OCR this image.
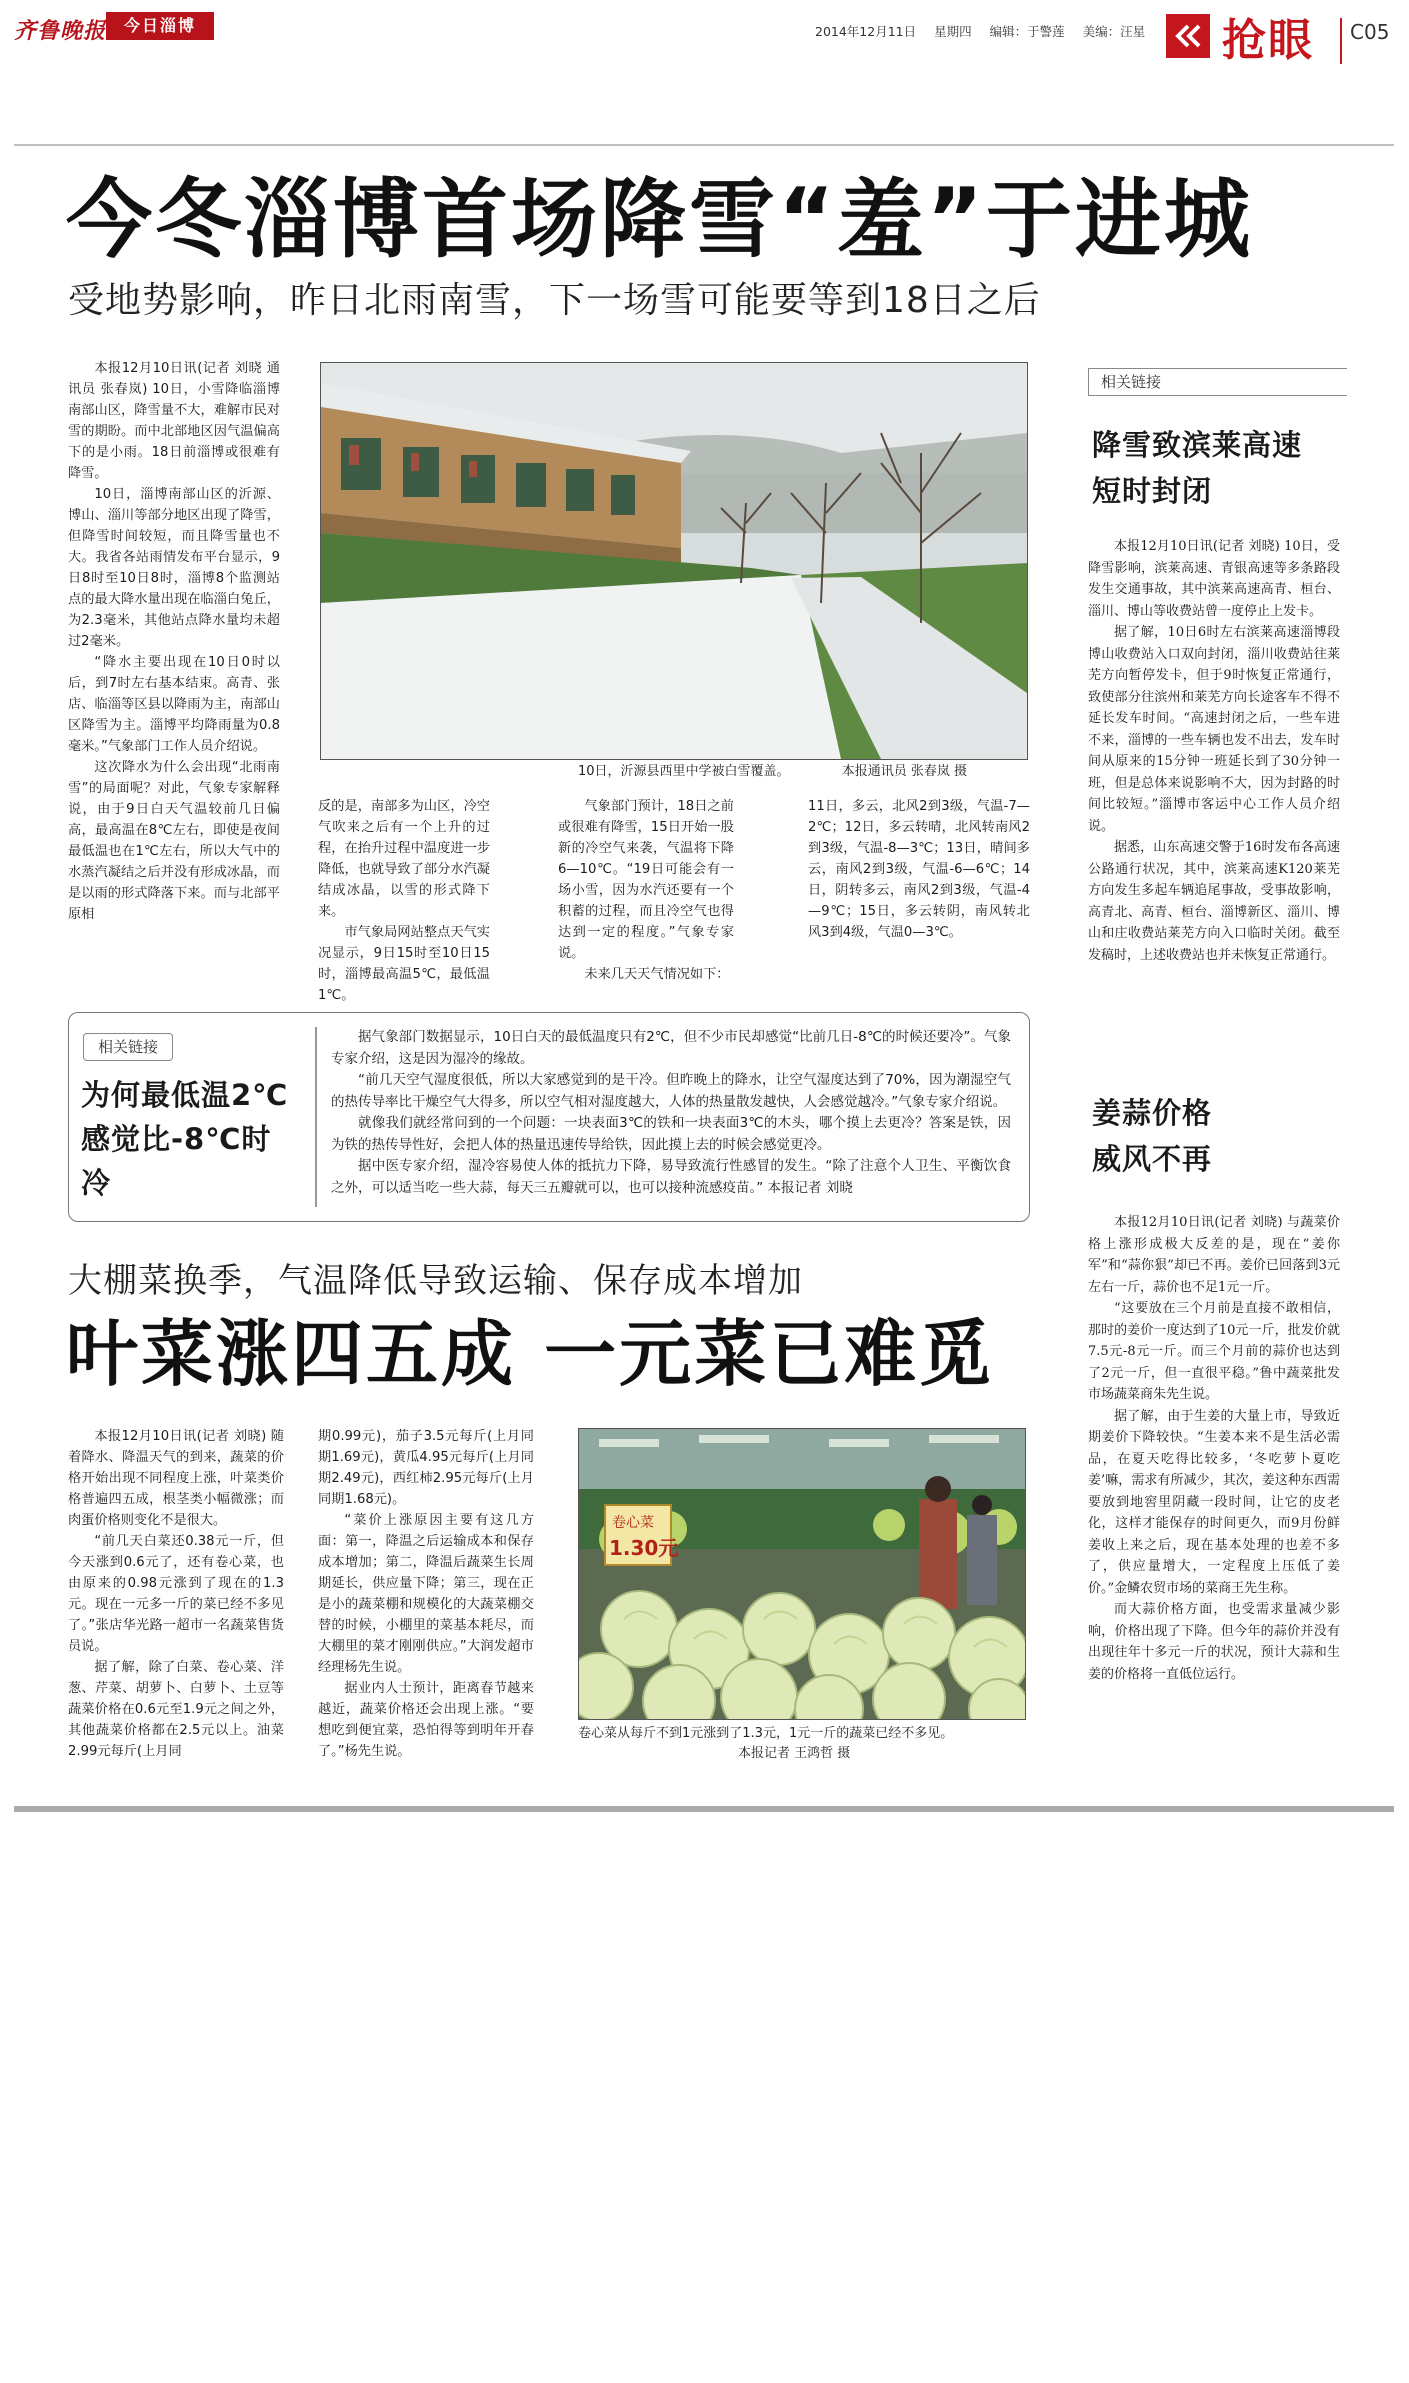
齐鲁晚报	今日淄博	2014年12月11日 星期四 编辑：于警莲 美编：汪星	抢眼 C05
今冬淄博首场降雪“羞”于进城
受地势影响，昨日北雨南雪，下一场雪可能要等到18日之后

本报12月10日讯(记者 刘晓 通讯员 张春岚) 10日，小雪降临淄博南部山区，降雪量不大，难解市民对雪的期盼。而中北部地区因气温偏高下的是小雨。18日前淄博或很难有降雪。

10日，淄博南部山区的沂源、博山、淄川等部分地区出现了降雪，但降雪时间较短，而且降雪量也不大。我省各站雨情发布平台显示，9日8时至10日8时，淄博8个监测站点的最大降水量出现在临淄白兔丘，为2.3毫米，其他站点降水量均未超过2毫米。

“降水主要出现在10日0时以后，到7时左右基本结束。高青、张店、临淄等区县以降雨为主，南部山区降雪为主。淄博平均降雨量为0.8毫米。”气象部门工作人员介绍说。

这次降水为什么会出现“北雨南雪”的局面呢？对此，气象专家解释说，由于9日白天气温较前几日偏高，最高温在8℃左右，即使是夜间最低温也在1℃左右，所以大气中的水蒸汽凝结之后并没有形成冰晶，而是以雨的形式降落下来。而与北部平原相

10日，沂源县西里中学被白雪覆盖。	本报通讯员 张春岚 摄

反的是，南部多为山区，冷空气吹来之后有一个上升的过程，在抬升过程中温度进一步降低，也就导致了部分水汽凝结成冰晶，以雪的形式降下来。

市气象局网站整点天气实况显示，9日15时至10日15时，淄博最高温5℃，最低温1℃。

气象部门预计，18日之前或很难有降雪，15日开始一股新的冷空气来袭，气温将下降6—10℃。“19日可能会有一场小雪，因为水汽还要有一个积蓄的过程，而且冷空气也得达到一定的程度。”气象专家说。

未来几天天气情况如下：

11日，多云，北风2到3级，气温-7—2℃；12日，多云转晴，北风转南风2到3级，气温-8—3℃；13日，晴间多云，南风2到3级，气温-6—6℃；14日，阴转多云，南风2到3级，气温-4—9℃；15日，多云转阴，南风转北风3到4级，气温0—3℃。

相关链接
为何最低温2℃感觉比-8℃时冷

据气象部门数据显示，10日白天的最低温度只有2℃，但不少市民却感觉“比前几日-8℃的时候还要冷”。气象专家介绍，这是因为湿冷的缘故。

“前几天空气湿度很低，所以大家感觉到的是干冷。但昨晚上的降水，让空气湿度达到了70%，因为潮湿空气的热传导率比干燥空气大得多，所以空气相对湿度越大，人体的热量散发越快，人会感觉越冷。”气象专家介绍说。

就像我们就经常问到的一个问题：一块表面3℃的铁和一块表面3℃的木头，哪个摸上去更冷？答案是铁，因为铁的热传导性好，会把人体的热量迅速传导给铁，因此摸上去的时候会感觉更冷。

据中医专家介绍，湿冷容易使人体的抵抗力下降，易导致流行性感冒的发生。“除了注意个人卫生、平衡饮食之外，可以适当吃一些大蒜，每天三五瓣就可以，也可以接种流感疫苗。” 本报记者 刘晓

大棚菜换季，气温降低导致运输、保存成本增加
叶菜涨四五成 一元菜已难觅

本报12月10日讯(记者 刘晓) 随着降水、降温天气的到来，蔬菜的价格开始出现不同程度上涨，叶菜类价格普遍四五成，根茎类小幅微涨；而肉蛋价格则变化不是很大。

“前几天白菜还0.38元一斤，但今天涨到0.6元了，还有卷心菜，也由原来的0.98元涨到了现在的1.3元。现在一元多一斤的菜已经不多见了。”张店华光路一超市一名蔬菜售货员说。

据了解，除了白菜、卷心菜、洋葱、芹菜、胡萝卜、白萝卜、土豆等蔬菜价格在0.6元至1.9元之间之外，其他蔬菜价格都在2.5元以上。油菜2.99元每斤(上月同

期0.99元)，茄子3.5元每斤(上月同期1.69元)，黄瓜4.95元每斤(上月同期2.49元)，西红柿2.95元每斤(上月同期1.68元)。

“菜价上涨原因主要有这几方面：第一，降温之后运输成本和保存成本增加；第二，降温后蔬菜生长周期延长，供应量下降；第三，现在正是小的蔬菜棚和规模化的大蔬菜棚交替的时候，小棚里的菜基本耗尽，而大棚里的菜才刚刚供应。”大润发超市经理杨先生说。

据业内人士预计，距离春节越来越近，蔬菜价格还会出现上涨。“要想吃到便宜菜，恐怕得等到明年开春了。”杨先生说。

卷心菜
1.30元
卷心菜从每斤不到1元涨到了1.3元，1元一斤的蔬菜已经不多见。 本报记者 王鸿哲 摄
相关链接
降雪致滨莱高速
短时封闭

本报12月10日讯(记者 刘晓) 10日，受降雪影响，滨莱高速、青银高速等多条路段发生交通事故，其中滨莱高速高青、桓台、淄川、博山等收费站曾一度停止上发卡。

据了解，10日6时左右滨莱高速淄博段博山收费站入口双向封闭，淄川收费站往莱芜方向暂停发卡，但于9时恢复正常通行，致使部分往滨州和莱芜方向长途客车不得不延长发车时间。“高速封闭之后，一些车进不来，淄博的一些车辆也发不出去，发车时间从原来的15分钟一班延长到了30分钟一班，但是总体来说影响不大，因为封路的时间比较短。”淄博市客运中心工作人员介绍说。

据悉，山东高速交警于16时发布各高速公路通行状况，其中，滨莱高速K120莱芜方向发生多起车辆追尾事故，受事故影响，高青北、高青、桓台、淄博新区、淄川、博山和庄收费站莱芜方向入口临时关闭。截至发稿时，上述收费站也并未恢复正常通行。

姜蒜价格
威风不再

本报12月10日讯(记者 刘晓) 与蔬菜价格上涨形成极大反差的是，现在“姜你军”和“蒜你狠”却已不再。姜价已回落到3元左右一斤，蒜价也不足1元一斤。

“这要放在三个月前是直接不敢相信，那时的姜价一度达到了10元一斤，批发价就7.5元-8元一斤。而三个月前的蒜价也达到了2元一斤，但一直很平稳。”鲁中蔬菜批发市场蔬菜商朱先生说。

据了解，由于生姜的大量上市，导致近期姜价下降较快。“生姜本来不是生活必需品，在夏天吃得比较多，‘冬吃萝卜夏吃姜’嘛，需求有所减少，其次，姜这种东西需要放到地窖里阴藏一段时间，让它的皮老化，这样才能保存的时间更久，而9月份鲜姜收上来之后，现在基本处理的也差不多了，供应量增大，一定程度上压低了姜价。”金鳞农贸市场的菜商王先生称。

而大蒜价格方面，也受需求量减少影响，价格出现了下降。但今年的蒜价并没有出现往年十多元一斤的状况，预计大蒜和生姜的价格将一直低位运行。
